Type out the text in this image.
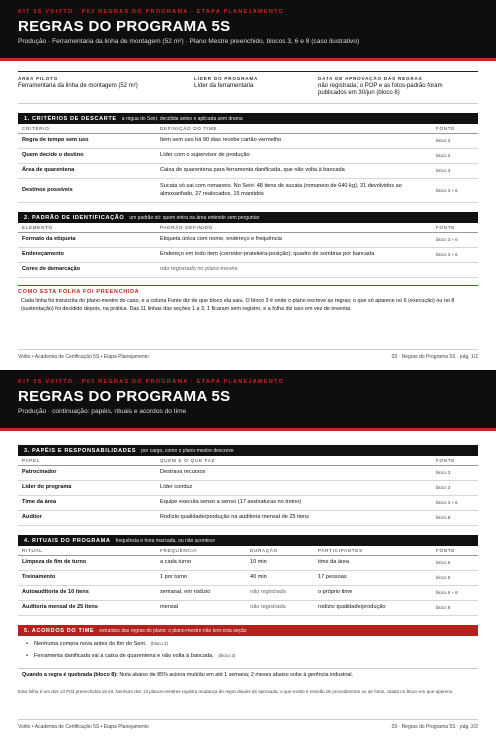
KIT 5S VOITTO · P03 REGRAS DO PROGRAMA · ETAPA PLANEJAMENTO
REGRAS DO PROGRAMA 5S
Produção · Ferramentaria da linha de montagem (52 m²) · Plano Mestre preenchido, blocos 3, 6 e 8 (caso ilustrativo)
ÁREA PILOTO
Ferramentaria da linha de montagem (52 m²)
LÍDER DO PROGRAMA
Líder da ferramentaria
DATA DE APROVAÇÃO DAS REGRAS
não registrada; o POP e as fotos-padrão foram publicados em 30/jun (bloco 8)
1. CRITÉRIOS DE DESCARTE a régua do Seiri, decidida antes e aplicada sem drama
CRITÉRIO	DEFINIÇÃO DO TIME	FONTE
Regra de tempo sem uso	Item sem uso há 90 dias recebe cartão vermelho	bloco 3
Quem decide o destino	Líder com o supervisor de produção	bloco 3
Área de quarentena	Caixa de quarentena para ferramenta danificada, que não volta à bancada	bloco 3
Destinos possíveis	Sucata só sai com romaneio. No Seiri: 48 itens de sucata (romaneio de 640 kg), 31 devolvidos ao almoxarifado, 27 realocados, 15 mantidos	bloco 3 + 6
2. PADRÃO DE IDENTIFICAÇÃO um padrão só: quem entra na área entende sem perguntar
ELEMENTO	PADRÃO DEFINIDO	FONTE
Formato da etiqueta	Etiqueta única com nome, endereço e frequência	bloco 3 + 6
Endereçamento	Endereço em todo item (corredor-prateleira-posição); quadro de sombras por bancada	bloco 3 + 6
Cores de demarcação	não registrado no plano-mestre	
COMO ESTA FOLHA FOI PREENCHIDA
Cada linha foi transcrita do plano-mestre do caso, e a coluna Fonte diz de que bloco ela saiu. O bloco 3 é onde o plano escreve as regras; o que só aparece no 6 (execução) ou no 8 (sustentação) foi decidido depois, na prática. Das 11 linhas das seções 1 a 3, 1 ficaram sem registro, e a folha diz isso em vez de inventar.
Voitto • Academia de Certificação 5S • Etapa Planejamento	03 · Regras do Programa 5S · pág. 1/2
KIT 5S VOITTO · P03 REGRAS DO PROGRAMA · ETAPA PLANEJAMENTO
REGRAS DO PROGRAMA 5S
Produção · continuação: papéis, rituais e acordos do time
3. PAPÉIS E RESPONSABILIDADES por cargo, como o plano-mestre descreve
PAPEL	QUEM E O QUE FAZ	FONTE
Patrocinador	Destrava recursos	bloco 3
Líder do programa	Líder conduz	bloco 3
Time da área	Equipe executa senso a senso (17 assinaturas no treino)	bloco 3 + 6
Auditor	Rodízio qualidade/produção na auditoria mensal de 25 itens	bloco 8
4. RITUAIS DO PROGRAMA frequência e hora marcada, ou não acontece
RITUAL	FREQUÊNCIA	DURAÇÃO	PARTICIPANTES	FONTE
Limpeza de fim de turno	a cada turno	10 min	time da área	bloco 6
Treinamento	1 por turno	40 min	17 pessoas	bloco 6
Autoauditoria de 10 itens	semanal, em rodízio	não registrada	o próprio time	bloco 6 + 8
Auditoria mensal de 25 itens	mensal	não registrada	rodízio qualidade/produção	bloco 8
5. ACORDOS DO TIME extraídos das regras do plano: o plano-mestre não tem esta seção
•	Nenhuma compra nova antes do fim do Seiri. (bloco 3)
•	Ferramenta danificada vai à caixa de quarentena e não volta à bancada. (bloco 3)
Quando a regra é quebrada (bloco 8): Nota abaixo de 85% aciona mutirão em até 1 semana; 2 meses abaixo sobe à gerência industrial.
Esta folha é um dos 13 P03 preenchidos do kit. Nenhum dos 13 planos-mestres registra mudança de regra depois de aprovada; o que existe é revisão de procedimento ou de fotos, citada no bloco em que aparece.
Voitto • Academia de Certificação 5S • Etapa Planejamento	03 · Regras do Programa 5S · pág. 2/2
